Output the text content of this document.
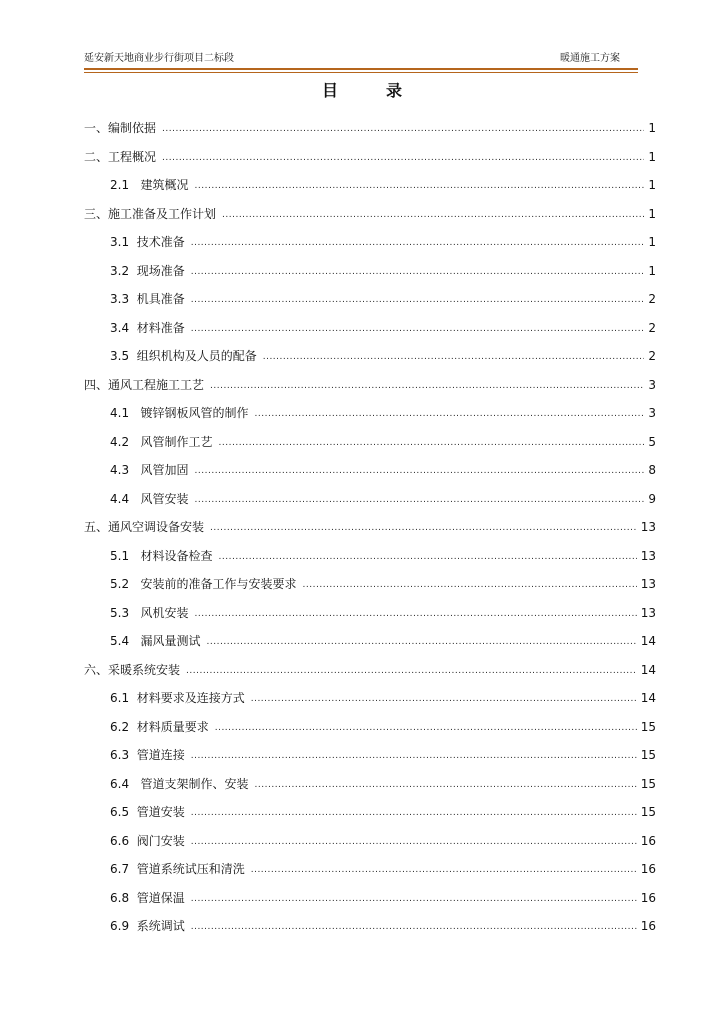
延安新天地商业步行街项目二标段	暖通施工方案
目	录
一、编制依据 .....	1
二、工程概况 .....	1
2.1   建筑概况 .....	1
三、施工准备及工作计划 .....	1
3.1  技术准备 .....	1
3.2  现场准备 .....	1
3.3  机具准备 .....	2
3.4  材料准备 .....	2
3.5  组织机构及人员的配备 .....	2
四、通风工程施工工艺 .....	3
4.1   镀锌钢板风管的制作 .....	3
4.2   风管制作工艺 .....	5
4.3   风管加固 .....	8
4.4   风管安装 .....	9
五、通风空调设备安装 .....	13
5.1   材料设备检查 .....	13
5.2   安装前的准备工作与安装要求 .....	13
5.3   风机安装 .....	13
5.4   漏风量测试 .....	14
六、采暖系统安装 .....	14
6.1  材料要求及连接方式 .....	14
6.2  材料质量要求 .....	15
6.3  管道连接 .....	15
6.4   管道支架制作、安装 .....	15
6.5  管道安装 .....	15
6.6  阀门安装 .....	16
6.7  管道系统试压和清洗 .....	16
6.8  管道保温 .....	16
6.9  系统调试 .....	16
